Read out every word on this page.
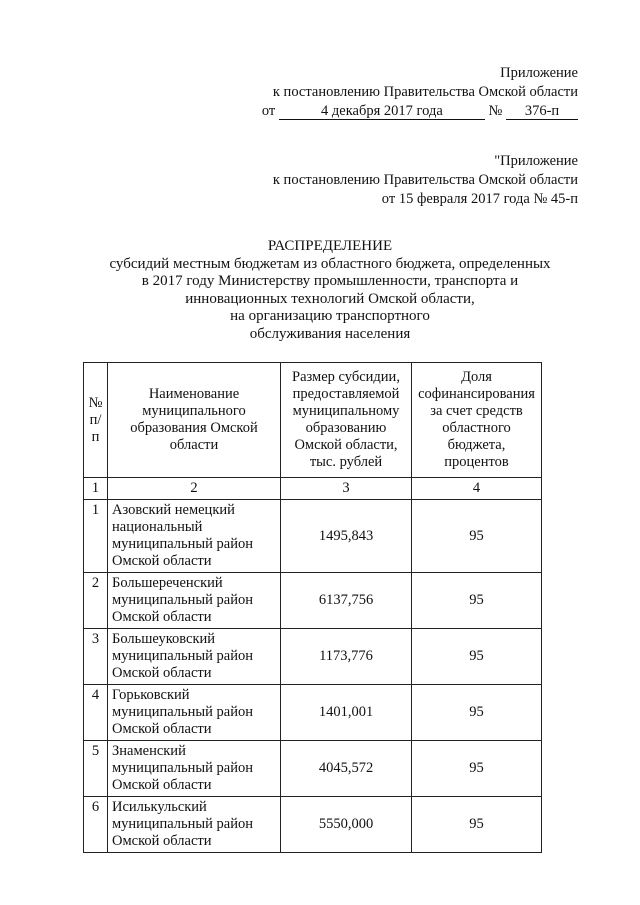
Приложение
к постановлению Правительства Омской области
от	4 декабря 2017 года	№ 376-п
"Приложение
к постановлению Правительства Омской области
от 15 февраля 2017 года № 45-п
РАСПРЕДЕЛЕНИЕ
субсидий местным бюджетам из областного бюджета, определенных
в 2017 году Министерству промышленности, транспорта и
инновационных технологий Омской области,
на организацию транспортного
обслуживания населения
№ п/п	Наименование муниципального образования Омской области	Размер субсидии, предоставляемой муниципальному образованию Омской области, тыс. рублей	Доля софинансирования за счет средств областного бюджета, процентов
1	2	3	4
1	Азовский немецкий национальный муниципальный район Омской области	1495,843	95
2	Большереченский муниципальный район Омской области	6137,756	95
3	Большеуковский муниципальный район Омской области	1173,776	95
4	Горьковский муниципальный район Омской области	1401,001	95
5	Знаменский муниципальный район Омской области	4045,572	95
6	Исилькульский муниципальный район Омской области	5550,000	95
